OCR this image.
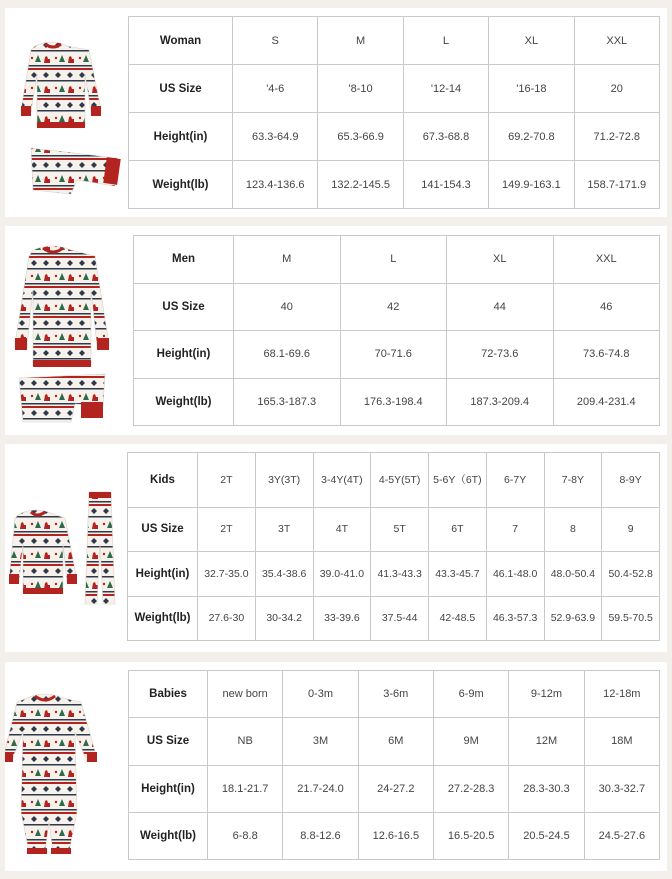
Woman	S	M	L	XL	XXL
US Size	'4-6	'8-10	'12-14	'16-18	20
Height(in)	63.3-64.9	65.3-66.9	67.3-68.8	69.2-70.8	71.2-72.8
Weight(lb)	123.4-136.6	132.2-145.5	141-154.3	149.9-163.1	158.7-171.9
Men	M	L	XL	XXL
US Size	40	42	44	46
Height(in)	68.1-69.6	70-71.6	72-73.6	73.6-74.8
Weight(lb)	165.3-187.3	176.3-198.4	187.3-209.4	209.4-231.4
Kids	2T	3Y(3T)	3-4Y(4T)	4-5Y(5T)	5-6Y（6T)	6-7Y	7-8Y	8-9Y
US Size	2T	3T	4T	5T	6T	7	8	9
Height(in)	32.7-35.0	35.4-38.6	39.0-41.0	41.3-43.3	43.3-45.7	46.1-48.0	48.0-50.4	50.4-52.8
Weight(lb)	27.6-30	30-34.2	33-39.6	37.5-44	42-48.5	46.3-57.3	52.9-63.9	59.5-70.5
Babies	new born	0-3m	3-6m	6-9m	9-12m	12-18m
US Size	NB	3M	6M	9M	12M	18M
Height(in)	18.1-21.7	21.7-24.0	24-27.2	27.2-28.3	28.3-30.3	30.3-32.7
Weight(lb)	6-8.8	8.8-12.6	12.6-16.5	16.5-20.5	20.5-24.5	24.5-27.6
